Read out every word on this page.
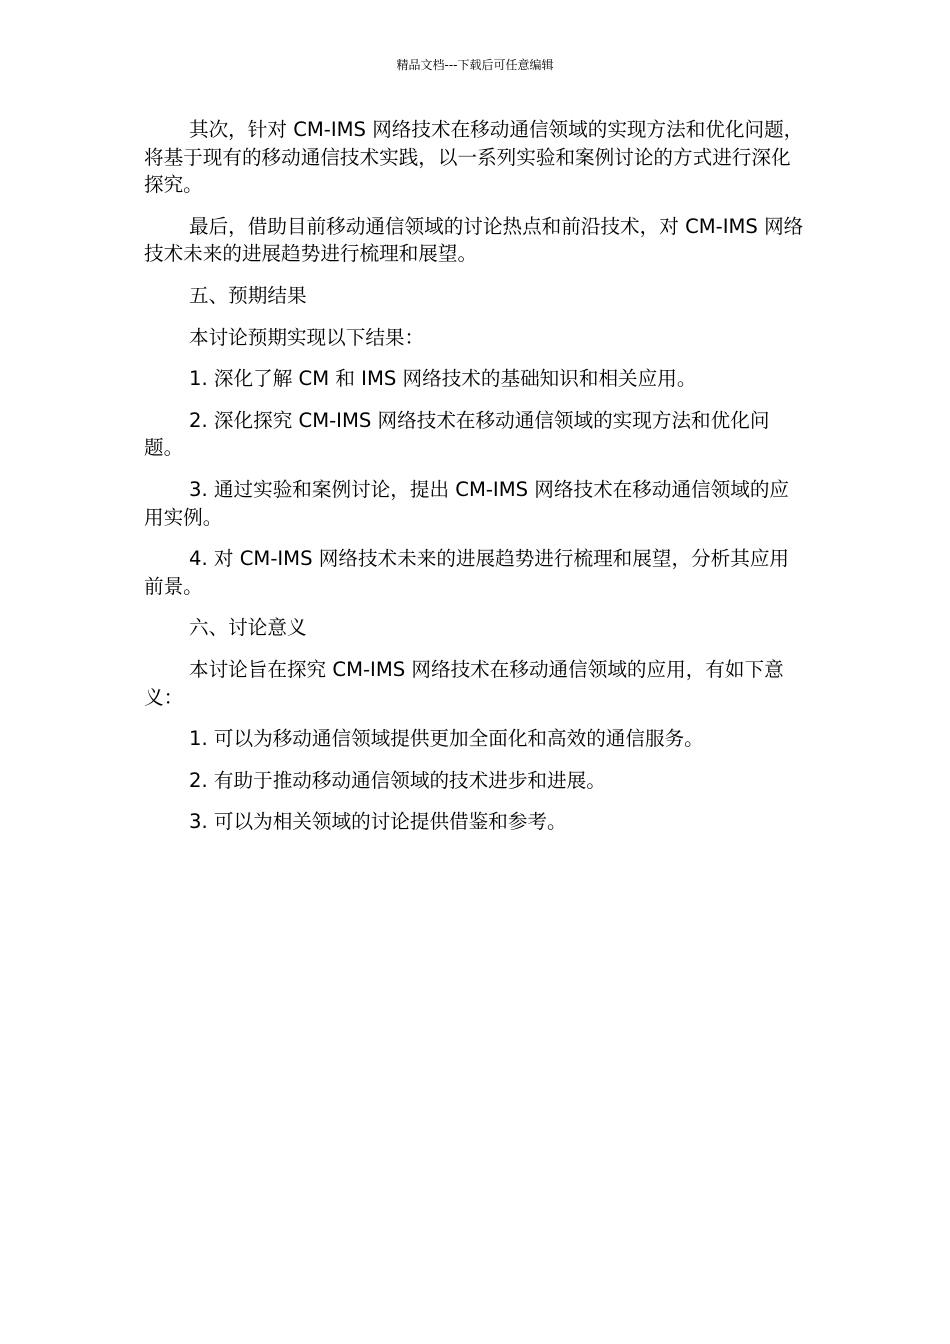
精品文档---下载后可任意编辑

其次，针对 CM-IMS 网络技术在移动通信领域的实现方法和优化问题，将基于现有的移动通信技术实践，以一系列实验和案例讨论的方式进行深化探究。

最后，借助目前移动通信领域的讨论热点和前沿技术，对 CM-IMS 网络技术未来的进展趋势进行梳理和展望。

五、预期结果

本讨论预期实现以下结果：

1. 深化了解 CM 和 IMS 网络技术的基础知识和相关应用。

2. 深化探究 CM-IMS 网络技术在移动通信领域的实现方法和优化问题。

3. 通过实验和案例讨论，提出 CM-IMS 网络技术在移动通信领域的应用实例。

4. 对 CM-IMS 网络技术未来的进展趋势进行梳理和展望，分析其应用前景。

六、讨论意义

本讨论旨在探究 CM-IMS 网络技术在移动通信领域的应用，有如下意义：

1. 可以为移动通信领域提供更加全面化和高效的通信服务。

2. 有助于推动移动通信领域的技术进步和进展。

3. 可以为相关领域的讨论提供借鉴和参考。
